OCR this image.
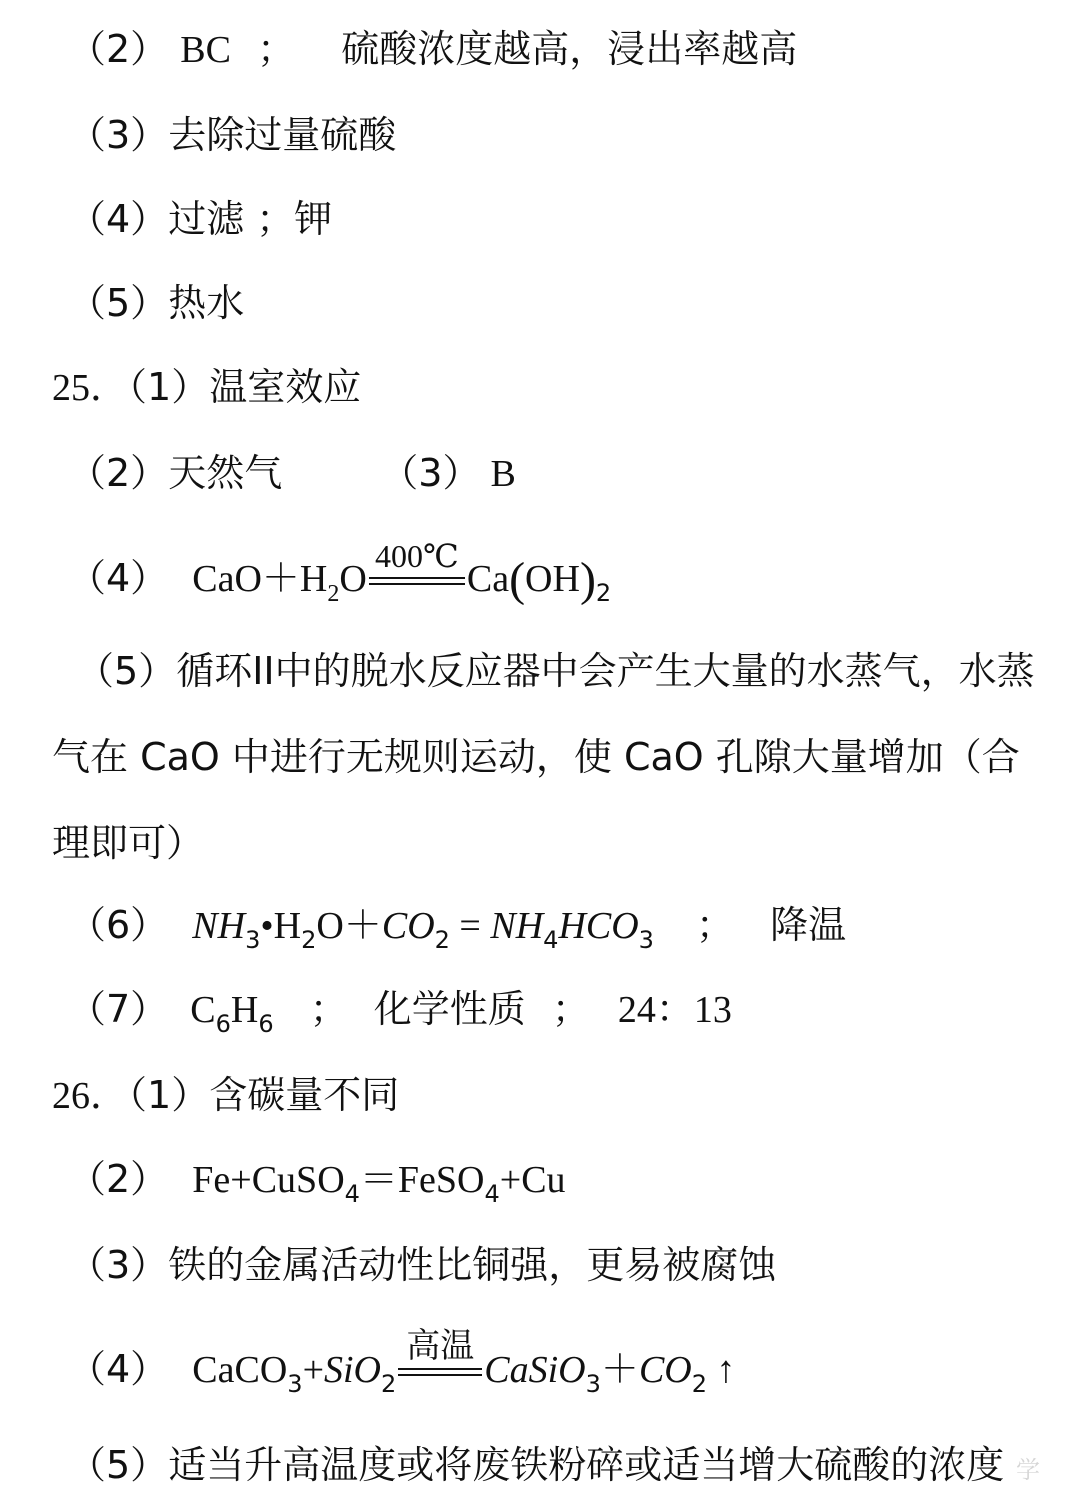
（2） BC ； 硫酸浓度越高，浸出率越高
（3）去除过量硫酸
（4）过滤 ；钾
（5）热水
25．（1）温室效应
（2）天然气	（3） B
（4） $CaO+H_2O$
400℃
$Ca(OH)_2$
（5）循环II中的脱水反应器中会产生大量的水蒸气，水蒸气在 CaO 中进行无规则运动，使 CaO 孔隙大量增加（合理即可）
（6） $NH_3•H_2O+CO_2 = NH_4HCO_3$ ； 降温
（7） $C_6H_6$ ； 化学性质 ； 24：13
26．（1）含碳量不同
（2） Fe+CuSO$_4$＝FeSO$_4$+Cu
（3）铁的金属活动性比铜强，更易被腐蚀
（4） CaCO$_3$+SiO$_2$
高温
$CaSiO_3+CO_2$ ↑
（5）适当升高温度或将废铁粉碎或适当增大硫酸的浓度 学
